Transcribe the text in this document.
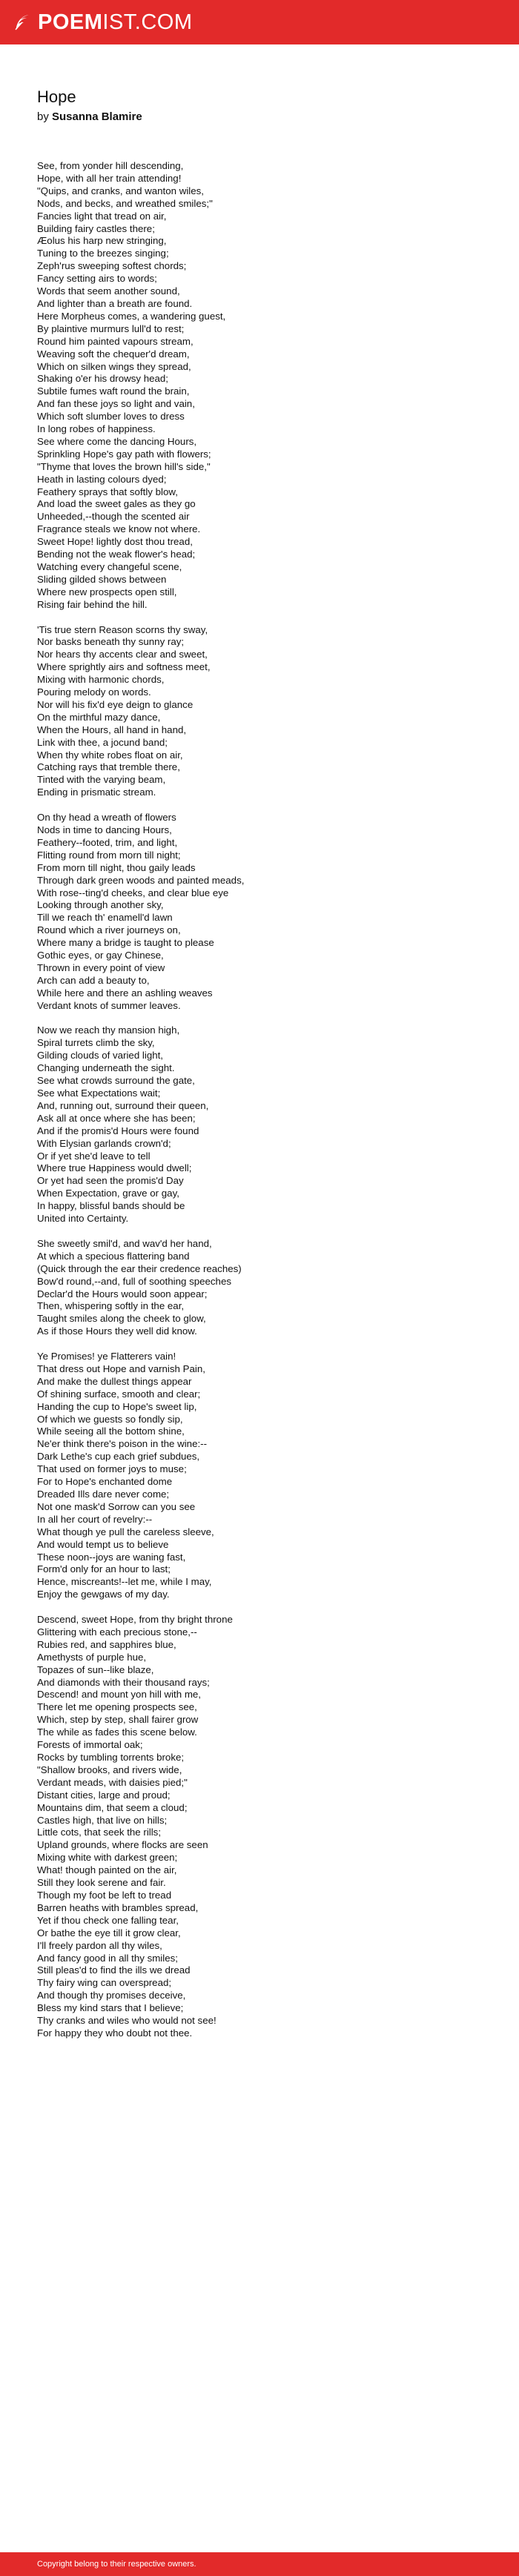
POEMIST.COM
Hope

by Susanna Blamire

See, from yonder hill descending,
Hope, with all her train attending!
"Quips, and cranks, and wanton wiles,
Nods, and becks, and wreathed smiles;"
Fancies light that tread on air,
Building fairy castles there;
Æolus his harp new stringing,
Tuning to the breezes singing;
Zeph'rus sweeping softest chords;
Fancy setting airs to words;
Words that seem another sound,
And lighter than a breath are found.
Here Morpheus comes, a wandering guest,
By plaintive murmurs lull'd to rest;
Round him painted vapours stream,
Weaving soft the chequer'd dream,
Which on silken wings they spread,
Shaking o'er his drowsy head;
Subtile fumes waft round the brain,
And fan these joys so light and vain,
Which soft slumber loves to dress
In long robes of happiness.
See where come the dancing Hours,
Sprinkling Hope's gay path with flowers;
"Thyme that loves the brown hill's side,"
Heath in lasting colours dyed;
Feathery sprays that softly blow,
And load the sweet gales as they go
Unheeded,--though the scented air
Fragrance steals we know not where.
Sweet Hope! lightly dost thou tread,
Bending not the weak flower's head;
Watching every changeful scene,
Sliding gilded shows between
Where new prospects open still,
Rising fair behind the hill.

'Tis true stern Reason scorns thy sway,
Nor basks beneath thy sunny ray;
Nor hears thy accents clear and sweet,
Where sprightly airs and softness meet,
Mixing with harmonic chords,
Pouring melody on words.
Nor will his fix'd eye deign to glance
On the mirthful mazy dance,
When the Hours, all hand in hand,
Link with thee, a jocund band;
When thy white robes float on air,
Catching rays that tremble there,
Tinted with the varying beam,
Ending in prismatic stream.

On thy head a wreath of flowers
Nods in time to dancing Hours,
Feathery--footed, trim, and light,
Flitting round from morn till night;
From morn till night, thou gaily leads
Through dark green woods and painted meads,
With rose--ting'd cheeks, and clear blue eye
Looking through another sky,
Till we reach th' enamell'd lawn
Round which a river journeys on,
Where many a bridge is taught to please
Gothic eyes, or gay Chinese,
Thrown in every point of view
Arch can add a beauty to,
While here and there an ashling weaves
Verdant knots of summer leaves.

Now we reach thy mansion high,
Spiral turrets climb the sky,
Gilding clouds of varied light,
Changing underneath the sight.
See what crowds surround the gate,
See what Expectations wait;
And, running out, surround their queen,
Ask all at once where she has been;
And if the promis'd Hours were found
With Elysian garlands crown'd;
Or if yet she'd leave to tell
Where true Happiness would dwell;
Or yet had seen the promis'd Day
When Expectation, grave or gay,
In happy, blissful bands should be
United into Certainty.

She sweetly smil'd, and wav'd her hand,
At which a specious flattering band
(Quick through the ear their credence reaches)
Bow'd round,--and, full of soothing speeches
Declar'd the Hours would soon appear;
Then, whispering softly in the ear,
Taught smiles along the cheek to glow,
As if those Hours they well did know.

Ye Promises! ye Flatterers vain!
That dress out Hope and varnish Pain,
And make the dullest things appear
Of shining surface, smooth and clear;
Handing the cup to Hope's sweet lip,
Of which we guests so fondly sip,
While seeing all the bottom shine,
Ne'er think there's poison in the wine:--
Dark Lethe's cup each grief subdues,
That used on former joys to muse;
For to Hope's enchanted dome
Dreaded Ills dare never come;
Not one mask'd Sorrow can you see
In all her court of revelry:--
What though ye pull the careless sleeve,
And would tempt us to believe
These noon--joys are waning fast,
Form'd only for an hour to last;
Hence, miscreants!--let me, while I may,
Enjoy the gewgaws of my day.

Descend, sweet Hope, from thy bright throne
Glittering with each precious stone,--
Rubies red, and sapphires blue,
Amethysts of purple hue,
Topazes of sun--like blaze,
And diamonds with their thousand rays;
Descend! and mount yon hill with me,
There let me opening prospects see,
Which, step by step, shall fairer grow
The while as fades this scene below.
Forests of immortal oak;
Rocks by tumbling torrents broke;
"Shallow brooks, and rivers wide,
Verdant meads, with daisies pied;"
Distant cities, large and proud;
Mountains dim, that seem a cloud;
Castles high, that live on hills;
Little cots, that seek the rills;
Upland grounds, where flocks are seen
Mixing white with darkest green;
What! though painted on the air,
Still they look serene and fair.
Though my foot be left to tread
Barren heaths with brambles spread,
Yet if thou check one falling tear,
Or bathe the eye till it grow clear,
I'll freely pardon all thy wiles,
And fancy good in all thy smiles;
Still pleas'd to find the ills we dread
Thy fairy wing can overspread;
And though thy promises deceive,
Bless my kind stars that I believe;
Thy cranks and wiles who would not see!
For happy they who doubt not thee.

Copyright belong to their respective owners.
